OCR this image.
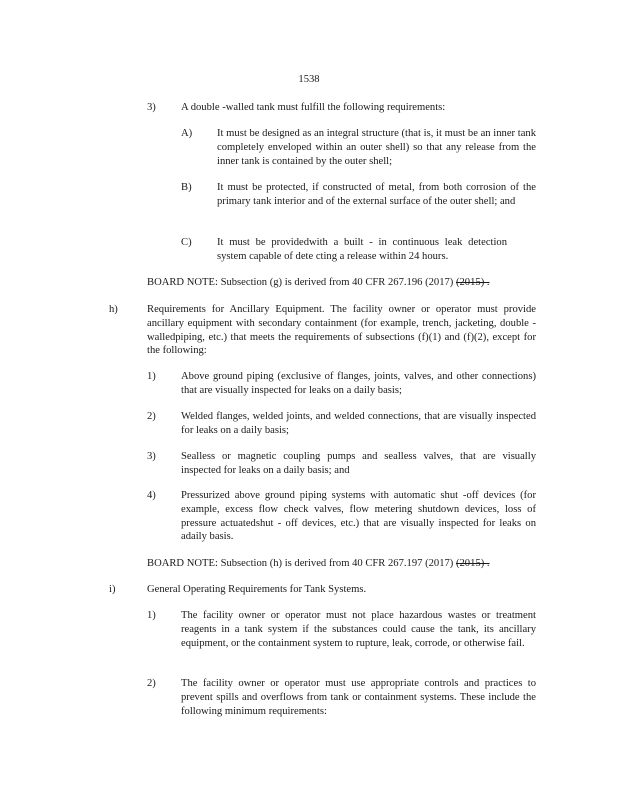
1538
3) A double -walled tank must fulfill the following requirements:
A) It must be designed as an integral structure (that is, it must be an inner tank completely enveloped within an outer shell) so that any release from the inner tank is contained by the outer shell;
B) It must be protected, if constructed of metal, from both corrosion of the primary tank interior and of the external surface of the outer shell; and
C) It must be providedwith a built - in continuous leak detection system capable of dete cting a release within 24 hours.
BOARD NOTE: Subsection (g) is derived from 40 CFR 267.196 (2017) (2015) .
h)	Requirements for Ancillary Equipment. The facility owner or operator must provide ancillary equipment with secondary containment (for example, trench, jacketing, double -walledpiping, etc.) that meets the requirements of subsections (f)(1) and (f)(2), except for the following:
1) Above ground piping (exclusive of flanges, joints, valves, and other connections) that are visually inspected for leaks on a daily basis;
2) Welded flanges, welded joints, and welded connections, that are visually inspected for leaks on a daily basis;
3) Sealless or magnetic coupling pumps and sealless valves, that are visually inspected for leaks on a daily basis; and
4) Pressurized above ground piping systems with automatic shut -off devices (for example, excess flow check valves, flow metering shutdown devices, loss of pressure actuatedshut - off devices, etc.) that are visually inspected for leaks on adaily basis.
BOARD NOTE: Subsection (h) is derived from 40 CFR 267.197 (2017) (2015) .
i)	General Operating Requirements for Tank Systems.
1) The facility owner or operator must not place hazardous wastes or treatment reagents in a tank system if the substances could cause the tank, its ancillary equipment, or the containment system to rupture, leak, corrode, or otherwise fail.
2) The facility owner or operator must use appropriate controls and practices to prevent spills and overflows from tank or containment systems. These include the following minimum requirements:
